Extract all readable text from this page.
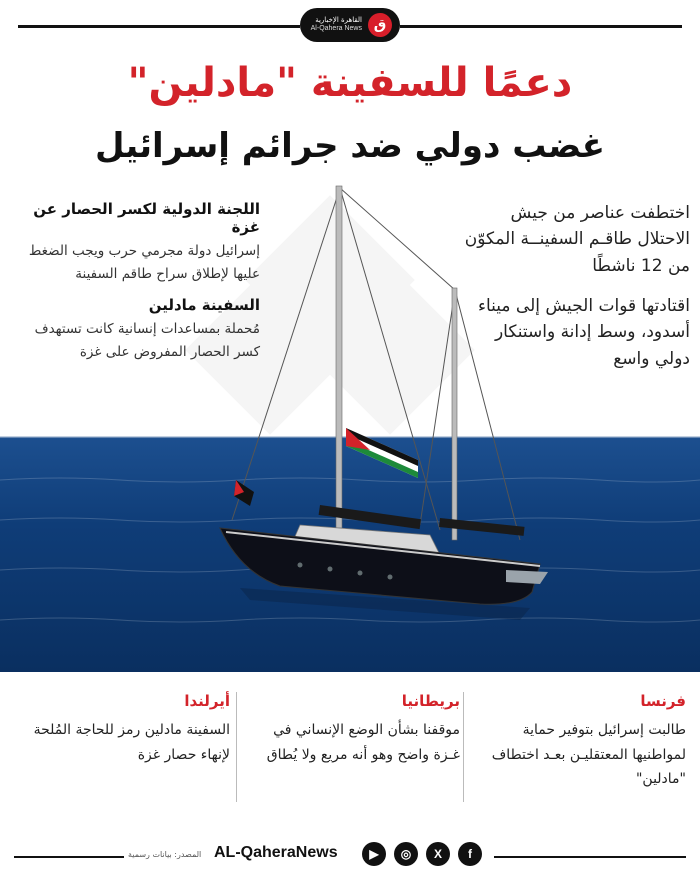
القاهرة الإخبارية
Al-Qahera News ق
دعمًا للسفينة "مادلين"
غضب دولي ضد جرائم إسرائيل

اختطفت عناصر من جيش الاحتلال طاقـم السفينــة المكوّن من 12 ناشطًا

اقتادتها قوات الجيش إلى ميناء أسدود، وسط إدانة واستنكار دولي واسع

اللجنة الدولية لكسر الحصار عن غزة

إسرائيل دولة مجرمي حرب ويجب الضغط عليها لإطلاق سراح طاقم السفينة

السفينة مادلين

مُحملة بمساعدات إنسانية كانت تستهدف كسر الحصار المفروض على غزة

فرنسا

طالبت إسرائيل بتوفير حماية لمواطنيها المعتقليـن بعـد اختطاف "مادلين"

بريطانيا

موقفنا بشأن الوضع الإنساني في غـزة واضح وهو أنه مريع ولا يُطاق

أيرلندا

السفينة مادلين رمز للحاجة المُلحة لإنهاء حصار غزة

المصدر: بيانات رسمية AL-QaheraNews	▶	◎	X	f
